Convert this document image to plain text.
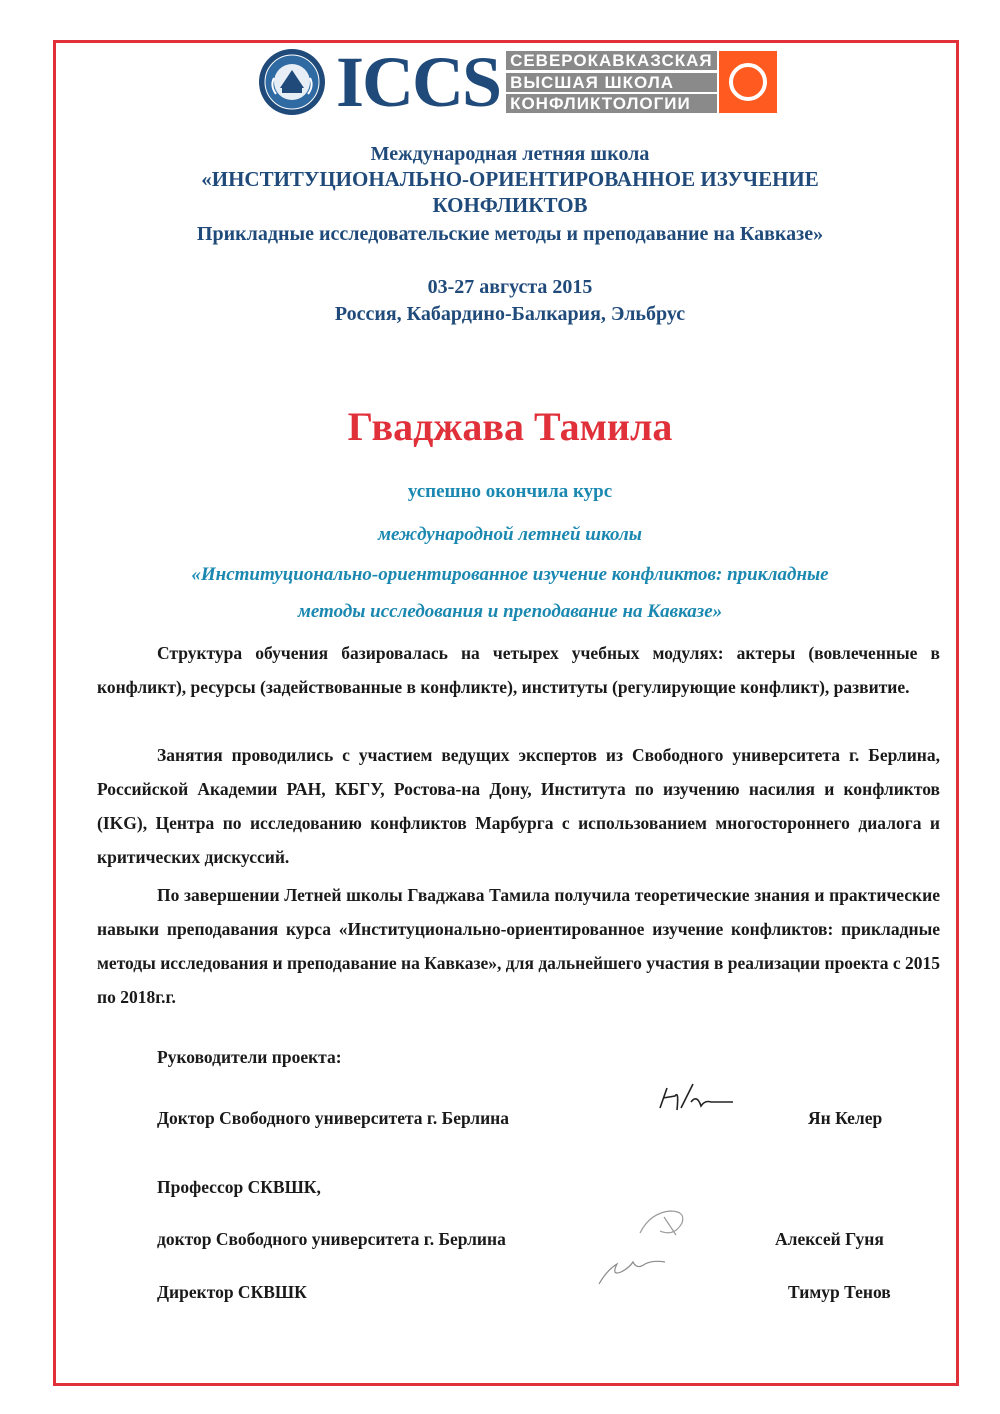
ICCS СЕВЕРОКАВКАЗСКАЯ
ВЫСШАЯ ШКОЛА
КОНФЛИКТОЛОГИИ
Международная летняя школа
«ИНСТИТУЦИОНАЛЬНО-ОРИЕНТИРОВАННОЕ ИЗУЧЕНИЕ
КОНФЛИКТОВ
Прикладные исследовательские методы и преподавание на Кавказе»
03-27 августа 2015
Россия, Кабардино-Балкария, Эльбрус
Гваджава Тамила
успешно окончила курс
международной летней школы
«Институционально-ориентированное изучение конфликтов: прикладные
методы исследования и преподавание на Кавказе»
Структура обучения базировалась на четырех учебных модулях: актеры (вовлеченные в конфликт), ресурсы (задействованные в конфликте), институты (регулирующие конфликт), развитие.
Занятия проводились с участием ведущих экспертов из Свободного университета г. Берлина, Российской Академии РАН, КБГУ, Ростова-на Дону, Института по изучению насилия и конфликтов (IKG), Центра по исследованию конфликтов Марбурга с использованием многостороннего диалога и критических дискуссий.
По завершении Летней школы Гваджава Тамила получила теоретические знания и практические навыки преподавания курса «Институционально-ориентированное изучение конфликтов: прикладные методы исследования и преподавание на Кавказе», для дальнейшего участия в реализации проекта с 2015 по 2018г.г.
Руководители проекта:
Доктор Свободного университета г. Берлина	Ян Келер
Профессор СКВШК,
доктор Свободного университета г. Берлина	Алексей Гуня
Директор СКВШК	Тимур Тенов
